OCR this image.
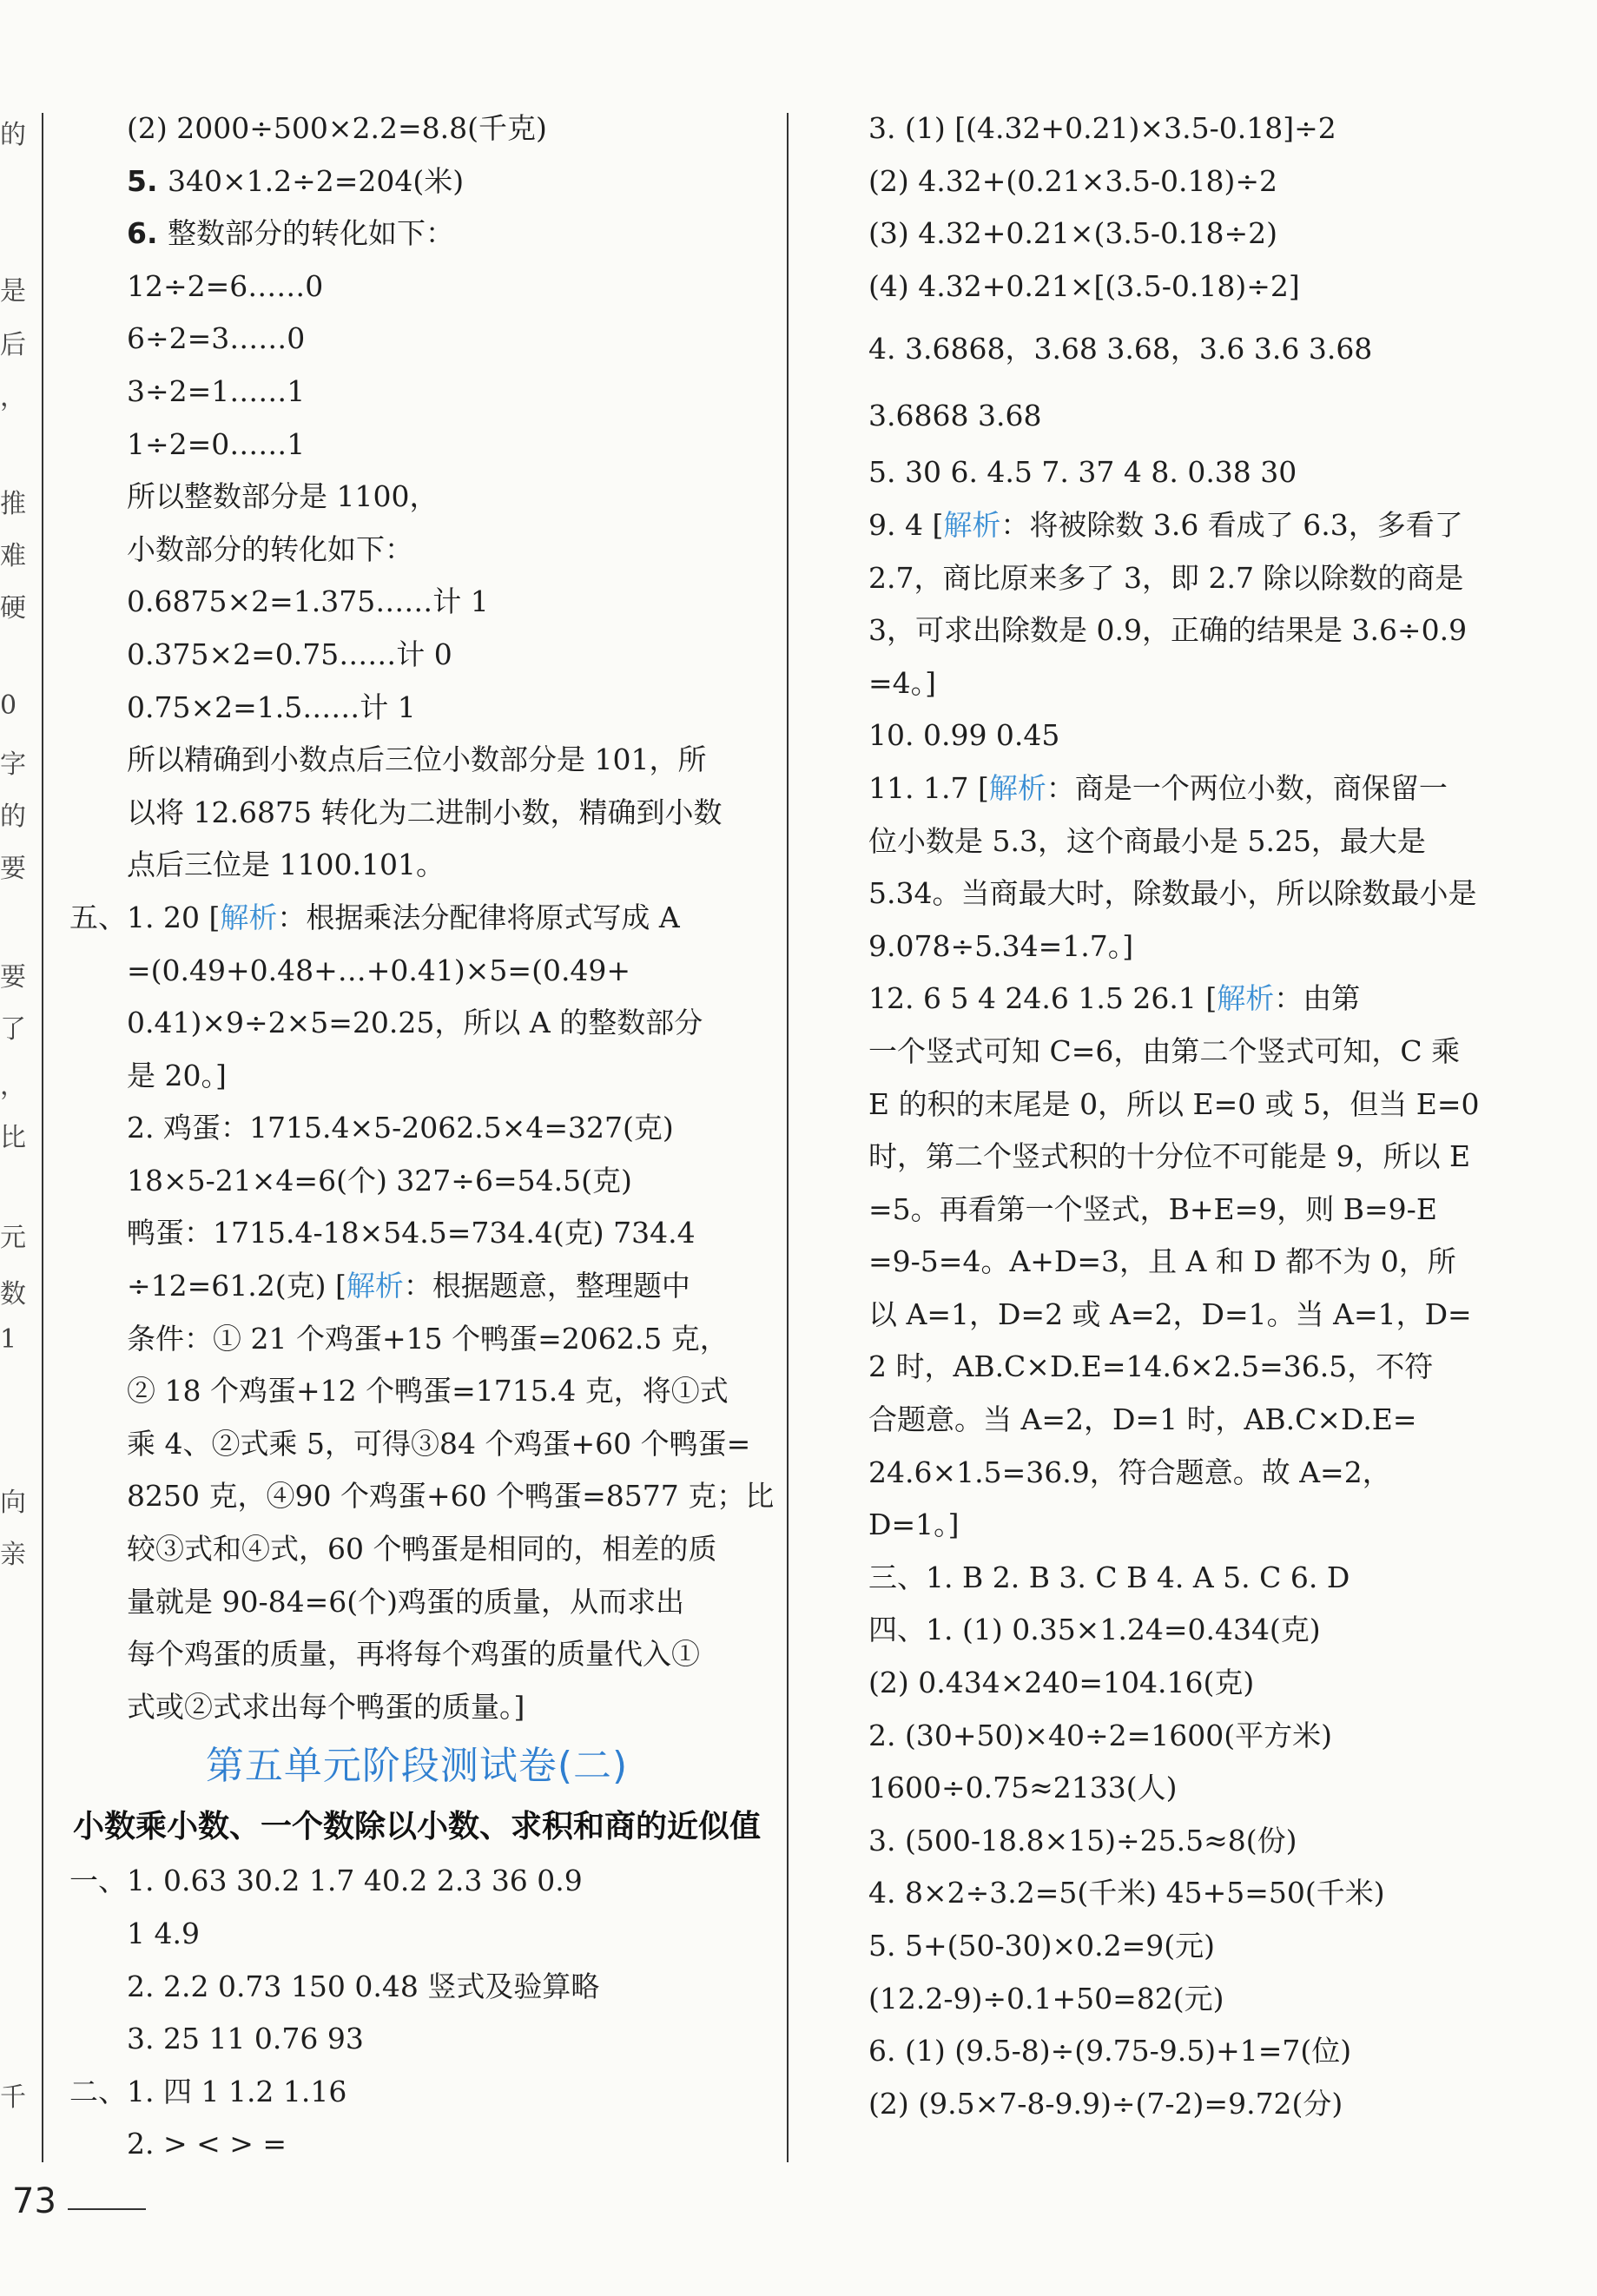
的
是
后
，
推
难
硬
0
字
的
要
要
了
，
比
元
数
1
向
亲
千
(2) 2000÷500×2.2=8.8(千克)
5. 340×1.2÷2=204(米)
6. 整数部分的转化如下：
12÷2=6……0
6÷2=3……0
3÷2=1……1
1÷2=0……1
所以整数部分是 1100，
小数部分的转化如下：
0.6875×2=1.375……计 1
0.375×2=0.75……计 0
0.75×2=1.5……计 1
所以精确到小数点后三位小数部分是 101，所
以将 12.6875 转化为二进制小数，精确到小数
点后三位是 1100.101。
五、1. 20 [解析：根据乘法分配律将原式写成 A
=(0.49+0.48+…+0.41)×5=(0.49+
0.41)×9÷2×5=20.25，所以 A 的整数部分
是 20。]
2. 鸡蛋：1715.4×5-2062.5×4=327(克)
18×5-21×4=6(个) 327÷6=54.5(克)
鸭蛋：1715.4-18×54.5=734.4(克) 734.4
÷12=61.2(克) [解析：根据题意，整理题中
条件：① 21 个鸡蛋+15 个鸭蛋=2062.5 克，
② 18 个鸡蛋+12 个鸭蛋=1715.4 克，将①式
乘 4、②式乘 5，可得③84 个鸡蛋+60 个鸭蛋=
8250 克，④90 个鸡蛋+60 个鸭蛋=8577 克；比
较③式和④式，60 个鸭蛋是相同的，相差的质
量就是 90-84=6(个)鸡蛋的质量，从而求出
每个鸡蛋的质量，再将每个鸡蛋的质量代入①
式或②式求出每个鸭蛋的质量。]
第五单元阶段测试卷(二)
小数乘小数、一个数除以小数、求积和商的近似值
一、1. 0.63 30.2 1.7 40.2 2.3 36 0.9
1 4.9
2. 2.2 0.73 150 0.48 竖式及验算略
3. 25 11 0.76 93
二、1. 四 1 1.2 1.16
2. > < > =
3. (1) [(4.32+0.21)×3.5-0.18]÷2
(2) 4.32+(0.21×3.5-0.18)÷2
(3) 4.32+0.21×(3.5-0.18÷2)
(4) 4.32+0.21×[(3.5-0.18)÷2]
4. 3.6868，3.68 3.68，3.6 3.6 3.68
3.6868 3.68
5. 30 6. 4.5 7. 37 4 8. 0.38 30
9. 4 [解析：将被除数 3.6 看成了 6.3，多看了
2.7，商比原来多了 3，即 2.7 除以除数的商是
3，可求出除数是 0.9，正确的结果是 3.6÷0.9
=4。]
10. 0.99 0.45
11. 1.7 [解析：商是一个两位小数，商保留一
位小数是 5.3，这个商最小是 5.25，最大是
5.34。当商最大时，除数最小，所以除数最小是
9.078÷5.34=1.7。]
12. 6 5 4 24.6 1.5 26.1 [解析：由第
一个竖式可知 C=6，由第二个竖式可知，C 乘
E 的积的末尾是 0，所以 E=0 或 5，但当 E=0
时，第二个竖式积的十分位不可能是 9，所以 E
=5。再看第一个竖式，B+E=9，则 B=9-E
=9-5=4。A+D=3，且 A 和 D 都不为 0，所
以 A=1，D=2 或 A=2，D=1。当 A=1，D=
2 时，AB.C×D.E=14.6×2.5=36.5，不符
合题意。当 A=2，D=1 时，AB.C×D.E=
24.6×1.5=36.9，符合题意。故 A=2，
D=1。]
三、1. B 2. B 3. C B 4. A 5. C 6. D
四、1. (1) 0.35×1.24=0.434(克)
(2) 0.434×240=104.16(克)
2. (30+50)×40÷2=1600(平方米)
1600÷0.75≈2133(人)
3. (500-18.8×15)÷25.5≈8(份)
4. 8×2÷3.2=5(千米) 45+5=50(千米)
5. 5+(50-30)×0.2=9(元)
(12.2-9)÷0.1+50=82(元)
6. (1) (9.5-8)÷(9.75-9.5)+1=7(位)
(2) (9.5×7-8-9.9)÷(7-2)=9.72(分)
73
